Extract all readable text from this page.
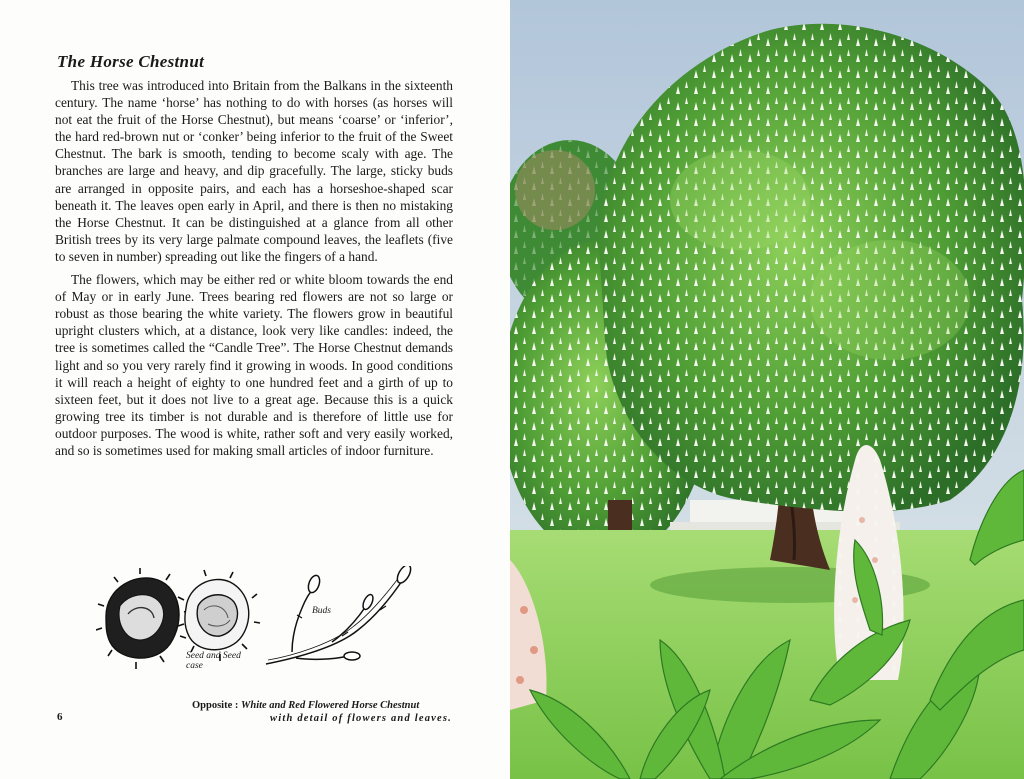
The Horse Chestnut

This tree was introduced into Britain from the Balkans in the sixteenth century. The name ‘horse’ has nothing to do with horses (as horses will not eat the fruit of the Horse Chestnut), but means ‘coarse’ or ‘inferior’, the hard red-brown nut or ‘conker’ being inferior to the fruit of the Sweet Chestnut. The bark is smooth, tending to become scaly with age. The branches are large and heavy, and dip gracefully. The large, sticky buds are arranged in opposite pairs, and each has a horseshoe-shaped scar beneath it. The leaves open early in April, and there is then no mistaking the Horse Chestnut. It can be distinguished at a glance from all other British trees by its very large palmate compound leaves, the leaflets (five to seven in number) spreading out like the fingers of a hand.

The flowers, which may be either red or white bloom towards the end of May or in early June. Trees bearing red flowers are not so large or robust as those bearing the white variety. The flowers grow in beautiful upright clusters which, at a distance, look very like candles: indeed, the tree is sometimes called the “Candle Tree”. The Horse Chestnut demands light and so you very rarely find it growing in woods. In good conditions it will reach a height of eighty to one hundred feet and a girth of up to sixteen feet, but it does not live to a great age. Because this is a quick growing tree its timber is not durable and is therefore of little use for outdoor purposes. The wood is white, rather soft and very easily worked, and so is sometimes used for making small articles of indoor furniture.

Seed and Seed case
Buds
6
Opposite : White and Red Flowered Horse Chestnut
with detail of flowers and leaves.
